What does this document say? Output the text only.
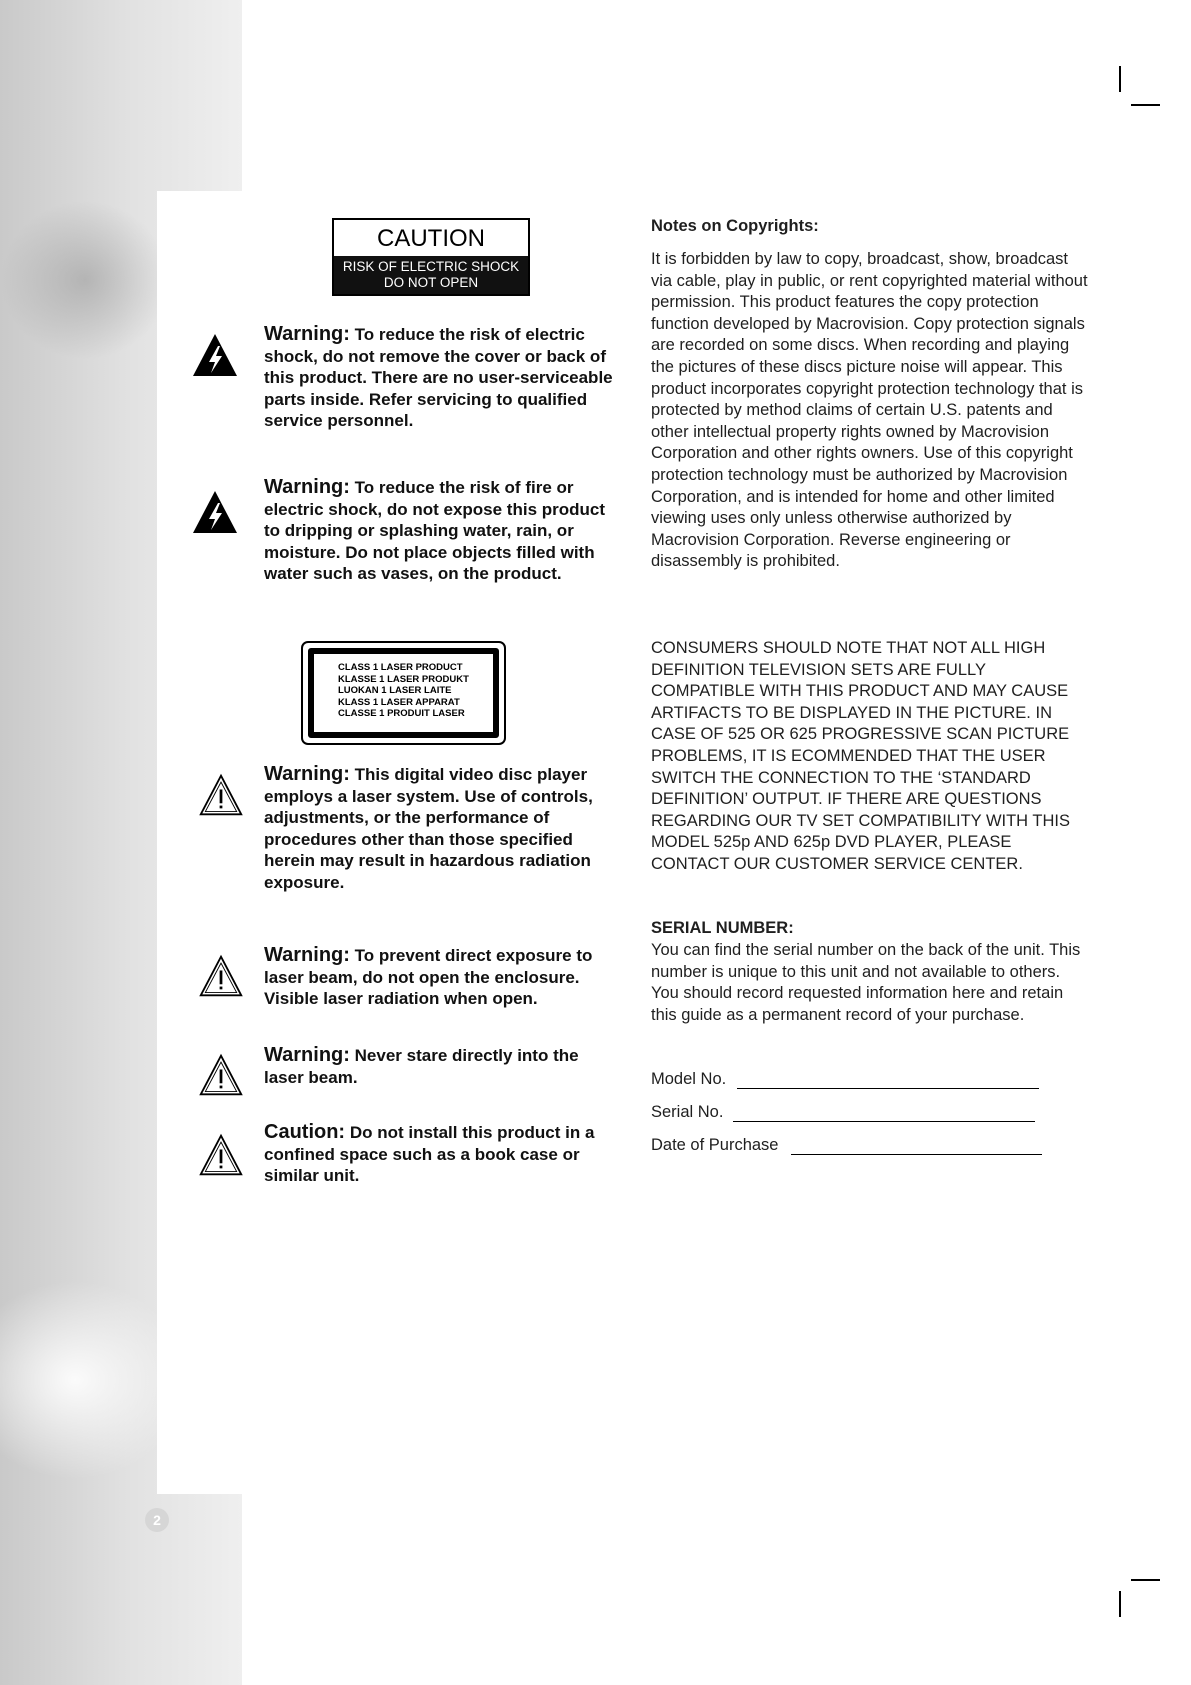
2
CAUTION
RISK OF ELECTRIC SHOCK
DO NOT OPEN
Warning: To reduce the risk of electric shock, do not remove the cover or back of this product. There are no user-serviceable parts inside. Refer servicing to qualified service personnel.
Warning: To reduce the risk of fire or electric shock, do not expose this product to dripping or splashing water, rain, or moisture. Do not place objects filled with water such as vases, on the product.
CLASS 1 LASER PRODUCT
KLASSE 1 LASER PRODUKT
LUOKAN 1 LASER LAITE
KLASS 1 LASER APPARAT
CLASSE 1 PRODUIT LASER
Warning: This digital video disc player employs a laser system. Use of controls, adjustments, or the performance of procedures other than those specified herein may result in hazardous radiation exposure.
Warning: To prevent direct exposure to laser beam, do not open the enclosure. Visible laser radiation when open.
Warning: Never stare directly into the laser beam.
Caution: Do not install this product in a confined space such as a book case or similar unit.
Notes on Copyrights:
It is forbidden by law to copy, broadcast, show, broadcast via cable, play in public, or rent copyrighted material without permission. This product features the copy protection function developed by Macrovision. Copy protection signals are recorded on some discs. When recording and playing the pictures of these discs picture noise will appear. This product incorporates copyright protection technology that is protected by method claims of certain U.S. patents and other intellectual property rights owned by Macrovision Corporation and other rights owners. Use of this copyright protection technology must be authorized by Macrovision Corporation, and is intended for home and other limited viewing uses only unless otherwise authorized by Macrovision Corporation. Reverse engineering or disassembly is prohibited.
CONSUMERS SHOULD NOTE THAT NOT ALL HIGH DEFINITION TELEVISION SETS ARE FULLY COMPATIBLE WITH THIS PRODUCT AND MAY CAUSE ARTIFACTS TO BE DISPLAYED IN THE PICTURE. IN CASE OF 525 OR 625 PROGRESSIVE SCAN PICTURE PROBLEMS, IT IS ECOMMENDED THAT THE USER SWITCH THE CONNECTION TO THE ‘STANDARD DEFINITION’ OUTPUT. IF THERE ARE QUESTIONS REGARDING OUR TV SET COMPATIBILITY WITH THIS MODEL 525p AND 625p DVD PLAYER, PLEASE CONTACT OUR CUSTOMER SERVICE CENTER.
SERIAL NUMBER:
You can find the serial number on the back of the unit. This number is unique to this unit and not available to others. You should record requested information here and retain this guide as a permanent record of your purchase.
Model No.
Serial No.
Date of Purchase
